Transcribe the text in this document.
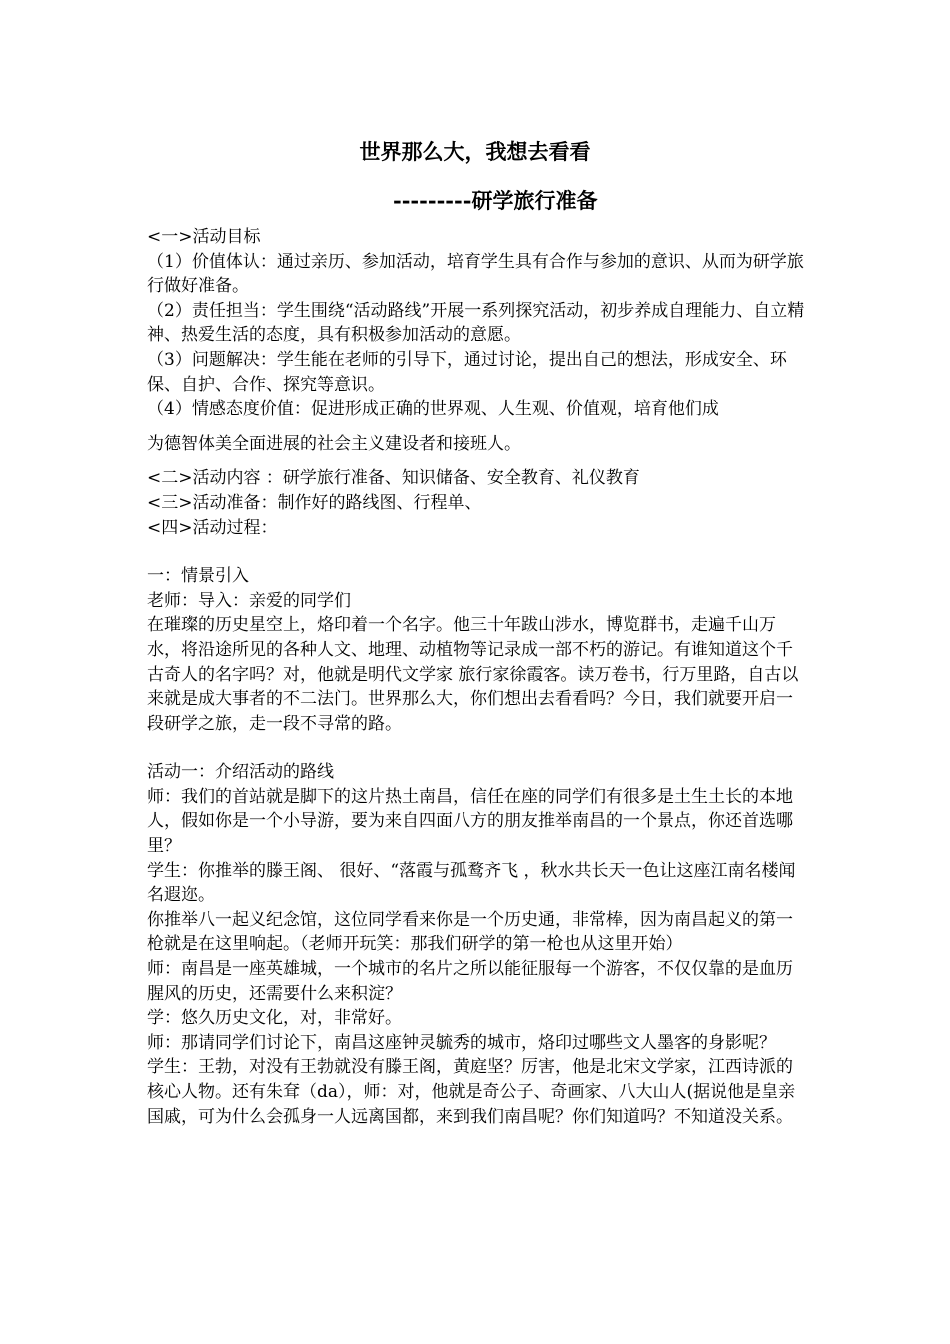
世界那么大，我想去看看
---------研学旅行准备

<一>活动目标

（1）价值体认：通过亲历、参加活动，培育学生具有合作与参加的意识、从而为研学旅行做好准备。

（2）责任担当：学生围绕“活动路线”开展一系列探究活动，初步养成自理能力、自立精神、热爱生活的态度，具有积极参加活动的意愿。

（3）问题解决：学生能在老师的引导下，通过讨论，提出自己的想法，形成安全、环保、自护、合作、探究等意识。

（4）情感态度价值：促进形成正确的世界观、人生观、价值观，培育他们成

为德智体美全面进展的社会主义建设者和接班人。

<二>活动内容 ：研学旅行准备、知识储备、安全教育、礼仪教育

<三>活动准备：制作好的路线图、行程单、

<四>活动过程：

一：情景引入

老师：导入：亲爱的同学们

在璀璨的历史星空上，烙印着一个名字。他三十年跋山涉水，博览群书，走遍千山万水，将沿途所见的各种人文、地理、动植物等记录成一部不朽的游记。有谁知道这个千古奇人的名字吗？对，他就是明代文学家 旅行家徐霞客。读万卷书，行万里路，自古以来就是成大事者的不二法门。世界那么大，你们想出去看看吗？今日，我们就要开启一段研学之旅，走一段不寻常的路。

活动一：介绍活动的路线

师：我们的首站就是脚下的这片热土南昌，信任在座的同学们有很多是土生土长的本地人，假如你是一个小导游，要为来自四面八方的朋友推举南昌的一个景点，你还首选哪里？

学生：你推举的滕王阁、 很好、“落霞与孤鹜齐飞 ，秋水共长天一色让这座江南名楼闻名遐迩。

你推举八一起义纪念馆，这位同学看来你是一个历史通，非常棒，因为南昌起义的第一枪就是在这里响起。（老师开玩笑：那我们研学的第一枪也从这里开始）

师：南昌是一座英雄城，一个城市的名片之所以能征服每一个游客，不仅仅靠的是血历腥风的历史，还需要什么来积淀？

学：悠久历史文化，对，非常好。

师：那请同学们讨论下，南昌这座钟灵毓秀的城市，烙印过哪些文人墨客的身影呢？

学生：王勃，对没有王勃就没有滕王阁，黄庭坚？厉害，他是北宋文学家，江西诗派的核心人物。还有朱耷（da），师：对，他就是奇公子、奇画家、八大山人(据说他是皇亲国戚，可为什么会孤身一人远离国都，来到我们南昌呢？你们知道吗？不知道没关系。
